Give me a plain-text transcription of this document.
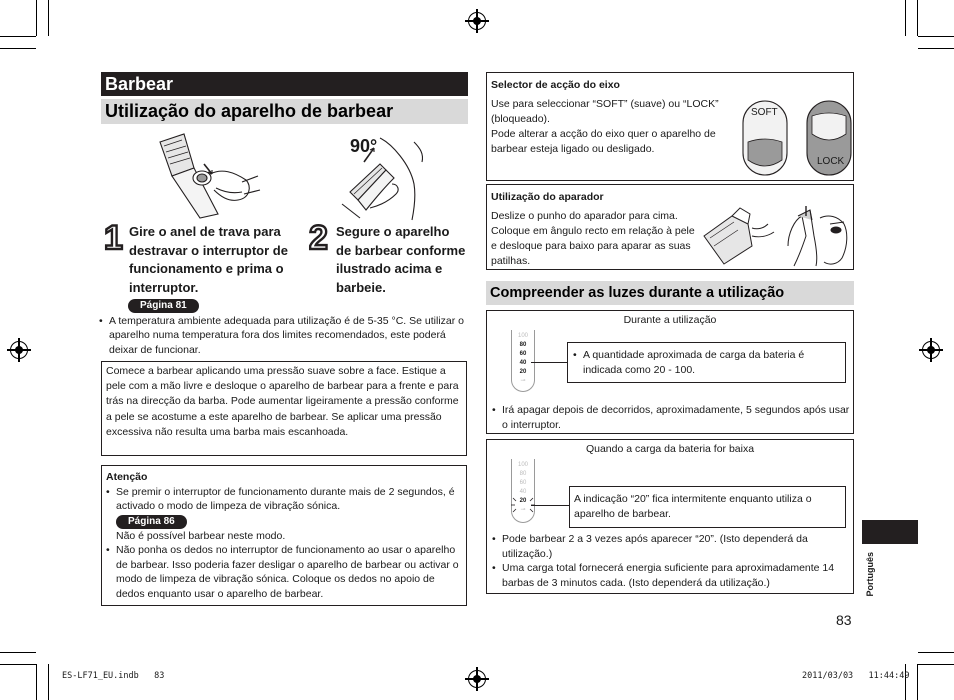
Barbear
Utilização do aparelho de barbear
90°
1 Gire o anel de trava para destravar o interruptor de funcionamento e prima o interruptor.
Página 81
2 Segure o aparelho de barbear conforme ilustrado acima e barbeie.
• A temperatura ambiente adequada para utilização é de 5-35 °C. Se utilizar o aparelho numa temperatura fora dos limites recomendados, este poderá deixar de funcionar.
Comece a barbear aplicando uma pressão suave sobre a face. Estique a pele com a mão livre e desloque o aparelho de barbear para a frente e para trás na direcção da barba. Pode aumentar ligeiramente a pressão conforme a pele se acostume a este aparelho de barbear. Se aplicar uma pressão excessiva não resulta uma barba mais escanhoada.
Atenção
• Se premir o interruptor de funcionamento durante mais de 2 segundos, é activado o modo de limpeza de vibração sónica.
Página 86
Não é possível barbear neste modo.
• Não ponha os dedos no interruptor de funcionamento ao usar o aparelho de barbear. Isso poderia fazer desligar o aparelho de barbear ou activar o modo de limpeza de vibração sónica. Coloque os dedos no apoio de dedos enquanto usar o aparelho de barbear.
Selector de acção do eixo
Use para seleccionar “SOFT” (suave) ou “LOCK” (bloqueado).
Pode alterar a acção do eixo quer o aparelho de barbear esteja ligado ou desligado.
SOFT
LOCK
Utilização do aparador
Deslize o punho do aparador para cima. Coloque em ângulo recto em relação à pele e desloque para baixo para aparar as suas patilhas.
Compreender as luzes durante a utilização
Durante a utilização
• Irá apagar depois de decorridos, aproximadamente, 5 segundos após usar o interruptor.
100
80
60
40
20
⊸
• A quantidade aproximada de carga da bateria é indicada como 20 - 100.
Quando a carga da bateria for baixa
• Pode barbear 2 a 3 vezes após aparecer “20”. (Isto dependerá da utilização.)
• Uma carga total fornecerá energia suficiente para aproximadamente 14 barbas de 3 minutos cada. (Isto dependerá da utilização.)
100
80
60
40
20
⊸
A indicação “20” fica intermitente enquanto utiliza o aparelho de barbear.
Português
83
ES-LF71_EU.indb   83	2011/03/03   11:44:49
